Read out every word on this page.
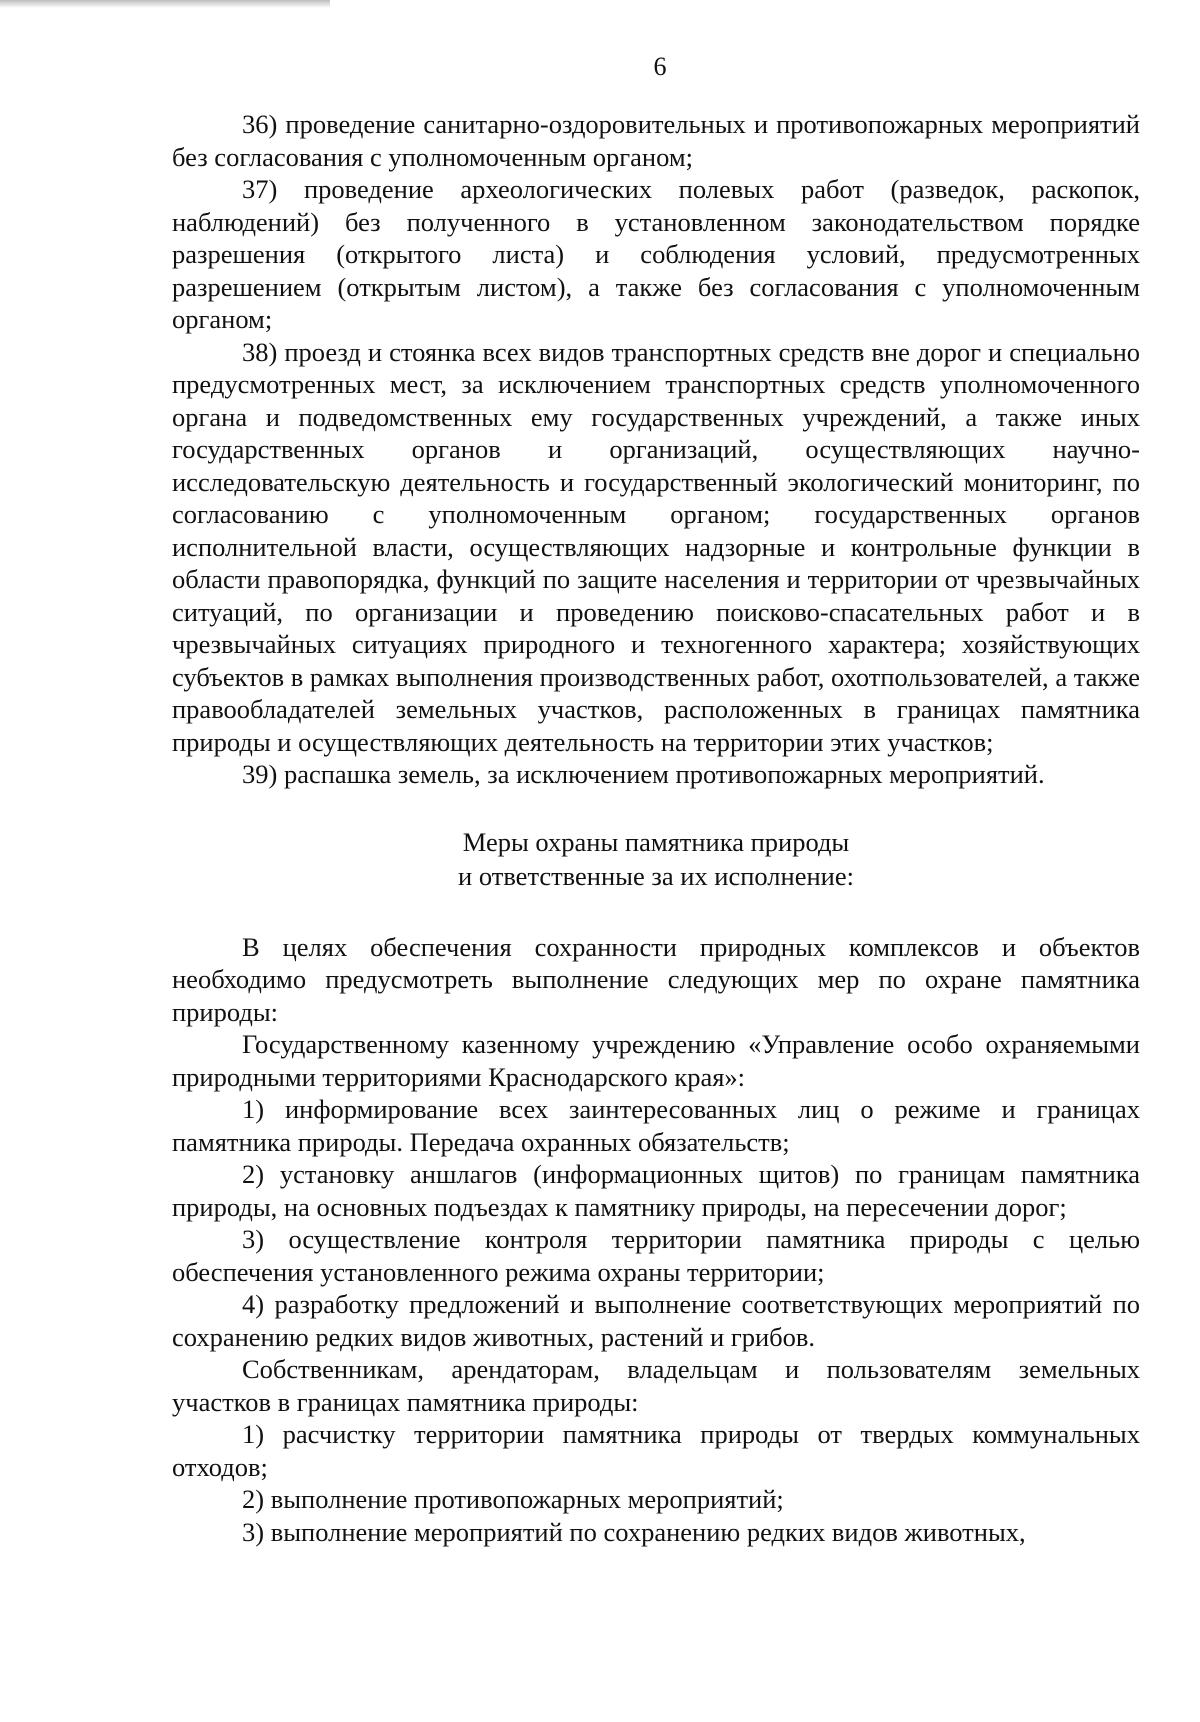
6

36) проведение санитарно-оздоровительных и противопожарных мероприятий без согласования с уполномоченным органом;

37) проведение археологических полевых работ (разведок, раскопок, наблюдений) без полученного в установленном законодательством порядке разрешения (открытого листа) и соблюдения условий, предусмотренных разрешением (открытым листом), а также без согласования с уполномоченным органом;

38) проезд и стоянка всех видов транспортных средств вне дорог и специально предусмотренных мест, за исключением транспортных средств уполномоченного органа и подведомственных ему государственных учреждений, а также иных государственных органов и организаций, осуществляющих научно-исследовательскую деятельность и государственный экологический мониторинг, по согласованию с уполномоченным органом; государственных органов исполнительной власти, осуществляющих надзорные и контрольные функции в области правопорядка, функций по защите населения и территории от чрезвычайных ситуаций, по организации и проведению поисково-спасательных работ и в чрезвычайных ситуациях природного и техногенного характера; хозяйствующих субъектов в рамках выполнения производственных работ, охотпользователей, а также правообладателей земельных участков, расположенных в границах памятника природы и осуществляющих деятельность на территории этих участков;

39) распашка земель, за исключением противопожарных мероприятий.

Меры охраны памятника природы
и ответственные за их исполнение:

В целях обеспечения сохранности природных комплексов и объектов необходимо предусмотреть выполнение следующих мер по охране памятника природы:

Государственному казенному учреждению «Управление особо охраняемыми природными территориями Краснодарского края»:

1) информирование всех заинтересованных лиц о режиме и границах памятника природы. Передача охранных обязательств;

2) установку аншлагов (информационных щитов) по границам памятника природы, на основных подъездах к памятнику природы, на пересечении дорог;

3) осуществление контроля территории памятника природы с целью обеспечения установленного режима охраны территории;

4) разработку предложений и выполнение соответствующих мероприятий по сохранению редких видов животных, растений и грибов.

Собственникам, арендаторам, владельцам и пользователям земельных участков в границах памятника природы:

1) расчистку территории памятника природы от твердых коммунальных отходов;

2) выполнение противопожарных мероприятий;

3) выполнение мероприятий по сохранению редких видов животных,
